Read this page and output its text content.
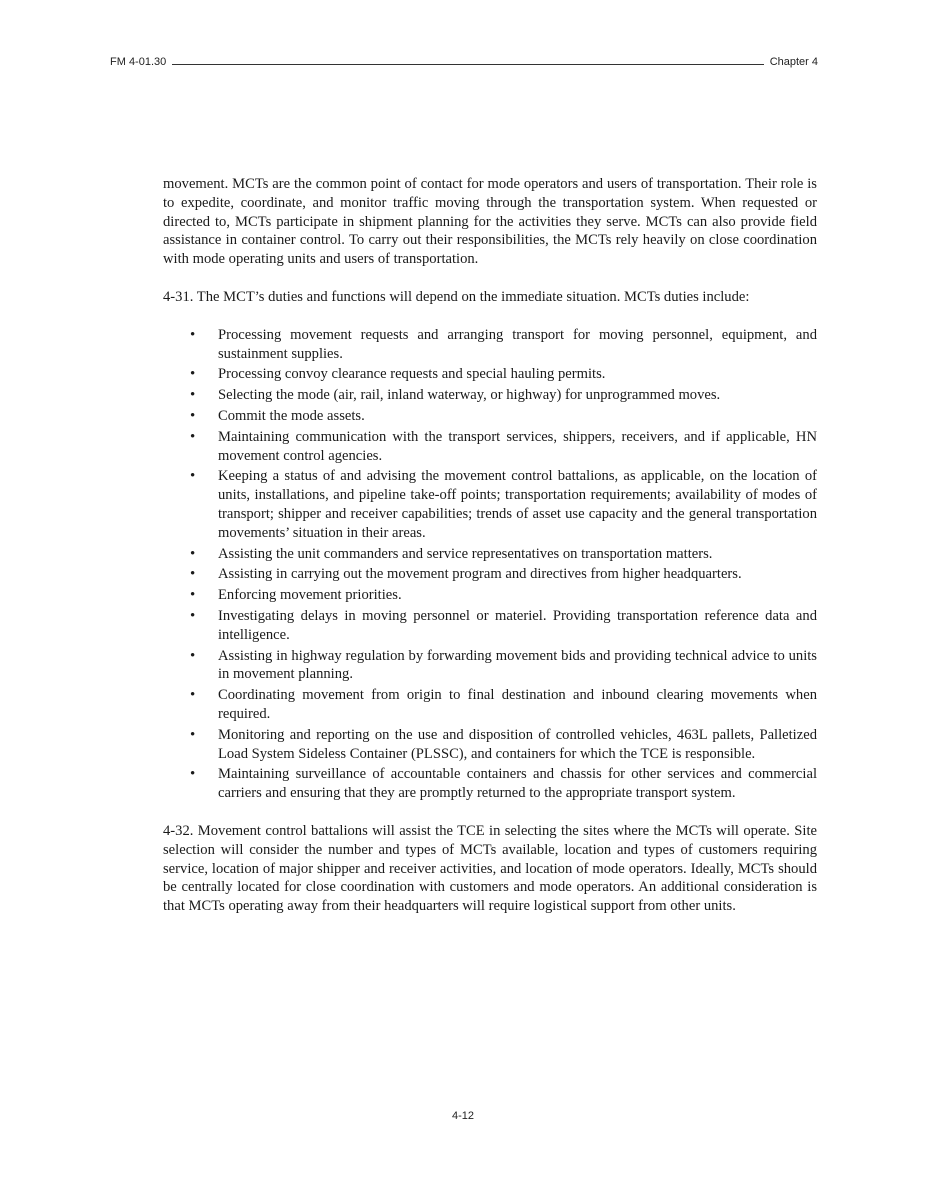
FM 4-01.30	Chapter 4

movement. MCTs are the common point of contact for mode operators and users of transportation. Their role is to expedite, coordinate, and monitor traffic moving through the transportation system. When requested or directed to, MCTs participate in shipment planning for the activities they serve. MCTs can also provide field assistance in container control. To carry out their responsibilities, the MCTs rely heavily on close coordination with mode operating units and users of transportation.

4-31. The MCT’s duties and functions will depend on the immediate situation. MCTs duties include:

• Processing movement requests and arranging transport for moving personnel, equipment, and sustainment supplies.
• Processing convoy clearance requests and special hauling permits.
• Selecting the mode (air, rail, inland waterway, or highway) for unprogrammed moves.
• Commit the mode assets.
• Maintaining communication with the transport services, shippers, receivers, and if applicable, HN movement control agencies.
• Keeping a status of and advising the movement control battalions, as applicable, on the location of units, installations, and pipeline take-off points; transportation requirements; availability of modes of transport; shipper and receiver capabilities; trends of asset use capacity and the general transportation movements’ situation in their areas.
• Assisting the unit commanders and service representatives on transportation matters.
• Assisting in carrying out the movement program and directives from higher headquarters.
• Enforcing movement priorities.
• Investigating delays in moving personnel or materiel. Providing transportation reference data and intelligence.
• Assisting in highway regulation by forwarding movement bids and providing technical advice to units in movement planning.
• Coordinating movement from origin to final destination and inbound clearing movements when required.
• Monitoring and reporting on the use and disposition of controlled vehicles, 463L pallets, Palletized Load System Sideless Container (PLSSC), and containers for which the TCE is responsible.
• Maintaining surveillance of accountable containers and chassis for other services and commercial carriers and ensuring that they are promptly returned to the appropriate transport system.

4-32. Movement control battalions will assist the TCE in selecting the sites where the MCTs will operate. Site selection will consider the number and types of MCTs available, location and types of customers requiring service, location of major shipper and receiver activities, and location of mode operators. Ideally, MCTs should be centrally located for close coordination with customers and mode operators. An additional consideration is that MCTs operating away from their headquarters will require logistical support from other units.

4-12
